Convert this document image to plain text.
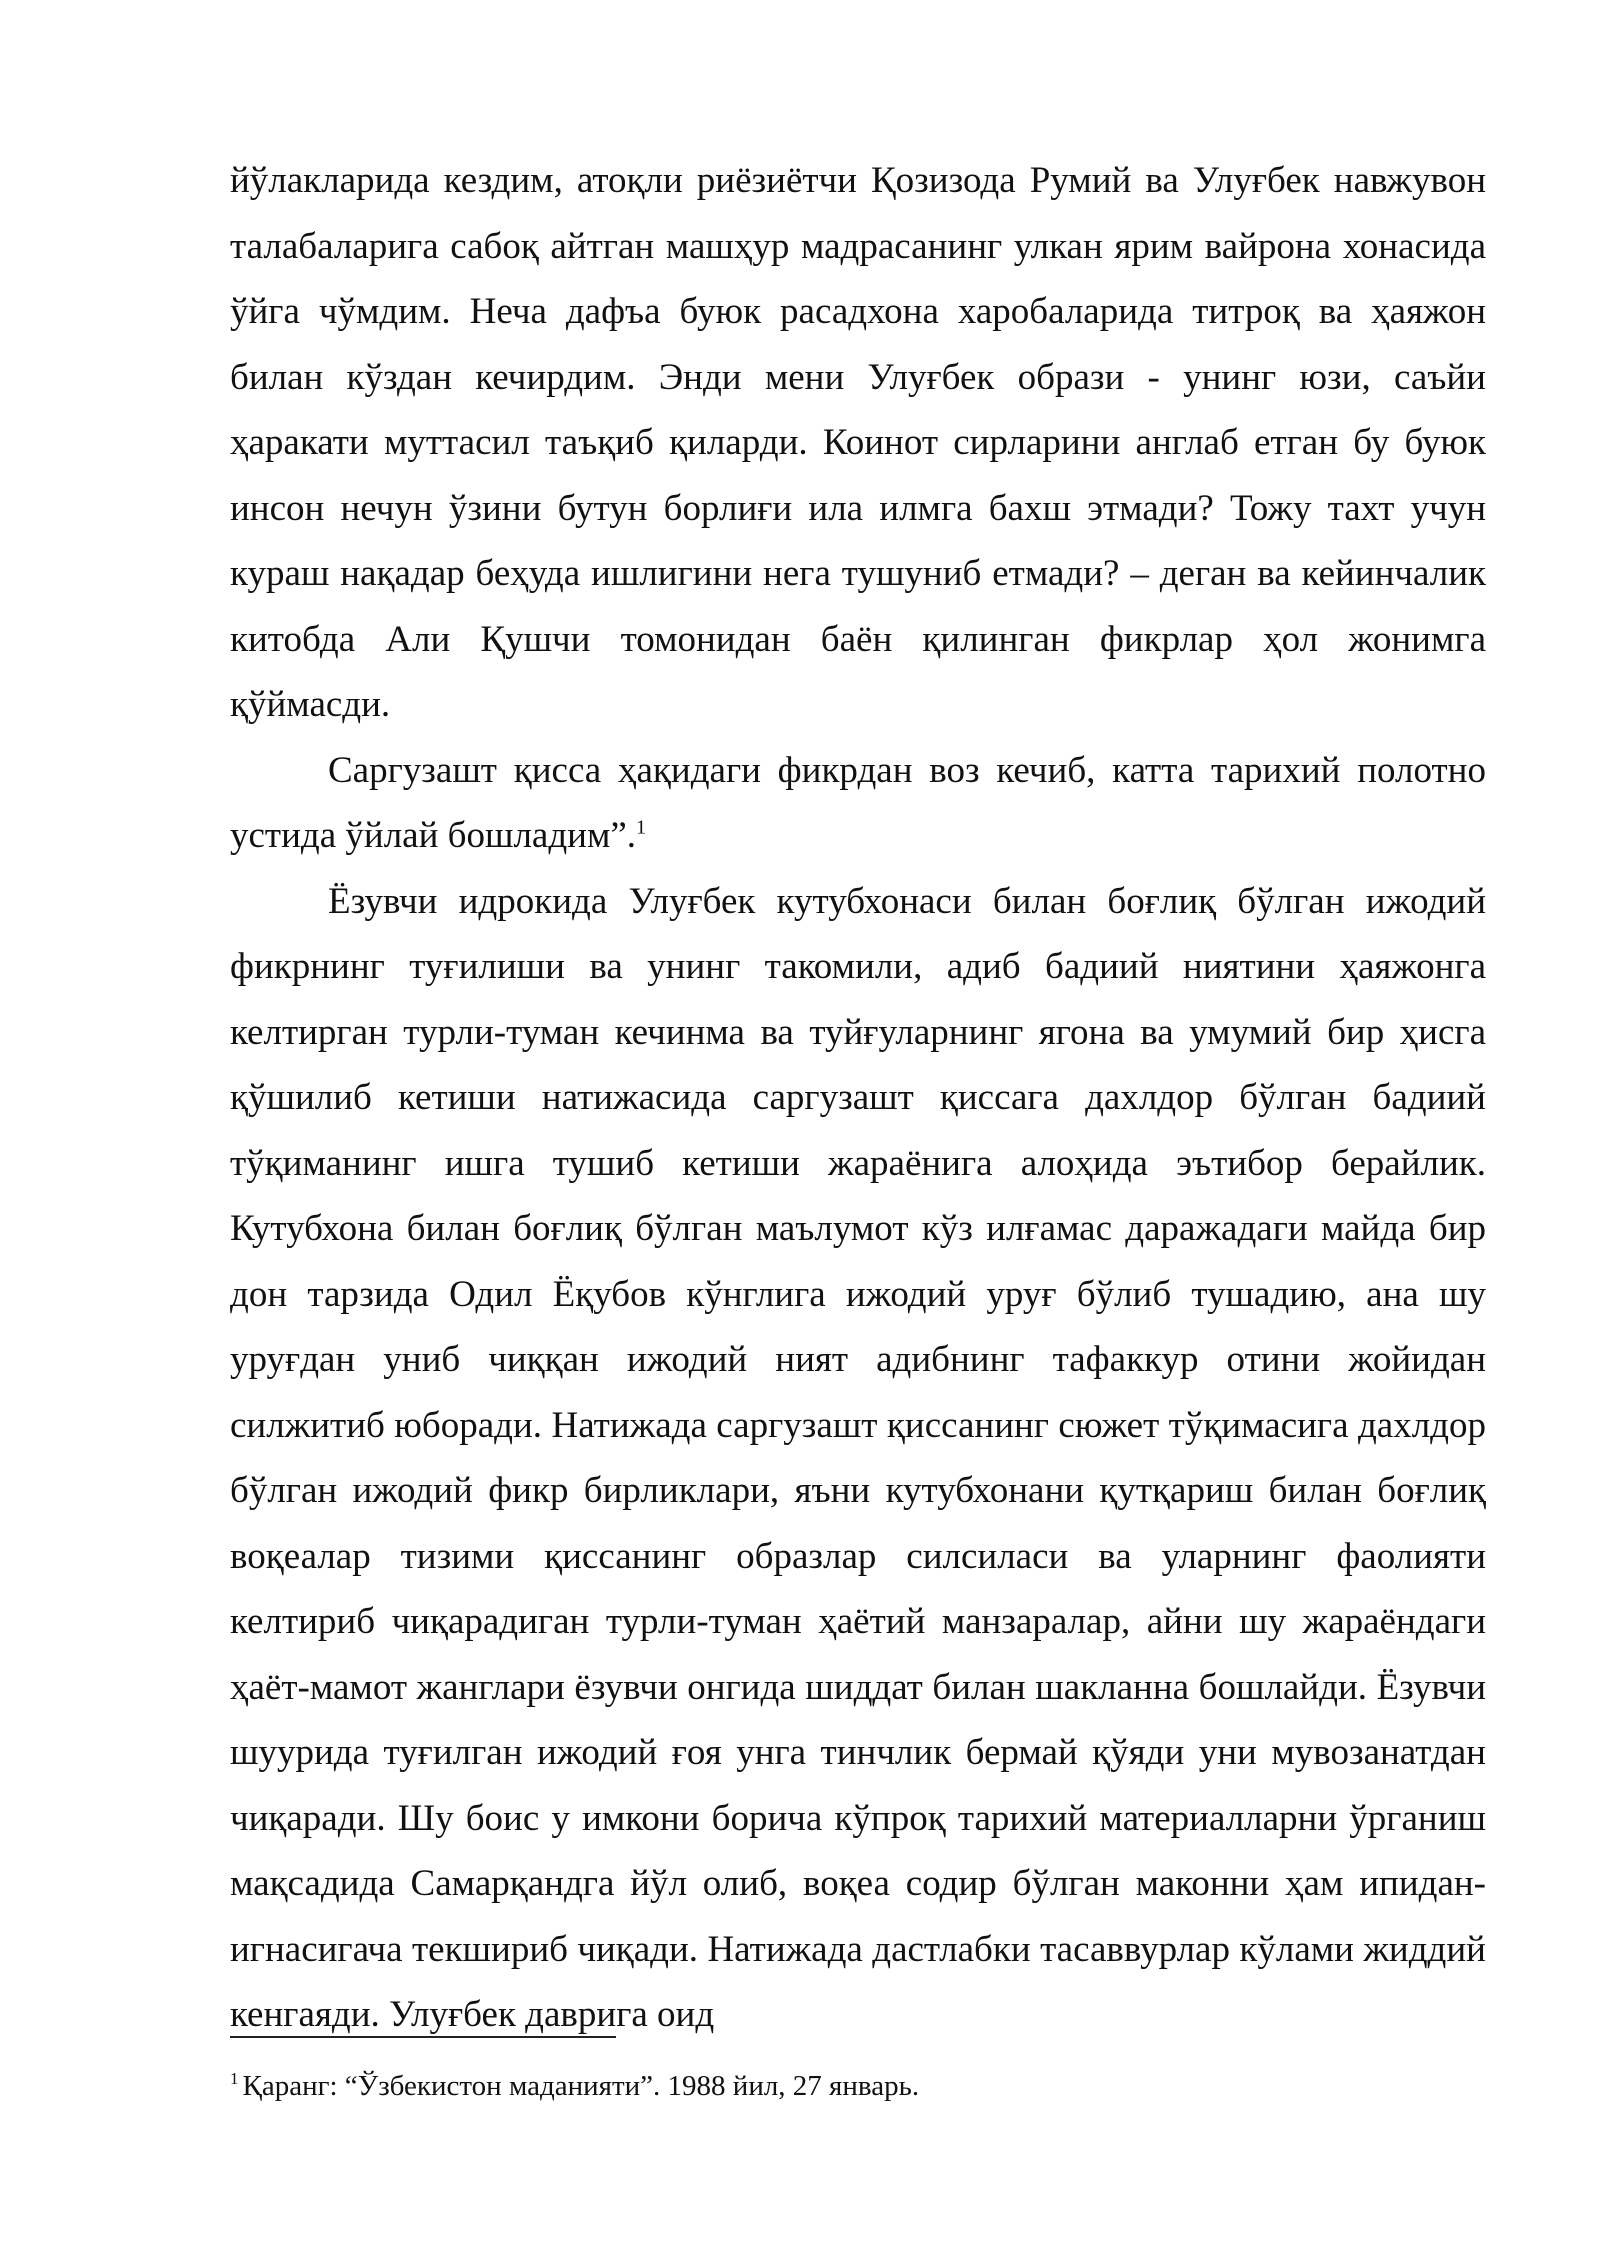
йўлакларида кездим, атоқли риёзиётчи Қозизода Румий ва Улуғбек навжувон талабаларига сабоқ айтган машҳур мадрасанинг улкан ярим вайрона хонасида ўйга чўмдим. Неча дафъа буюк расадхона харобаларида титроқ ва ҳаяжон билан кўздан кечирдим. Энди мени Улуғбек образи - унинг юзи, саъйи ҳаракати муттасил таъқиб қиларди. Коинот сирларини англаб етган бу буюк инсон нечун ўзини бутун борлиғи ила илмга бахш этмади? Тожу тахт учун кураш нақадар беҳуда ишлигини нега тушуниб етмади? – деган ва кейинчалик китобда Али Қушчи томонидан баён қилинган фикрлар ҳол жонимга қўймасди.

Саргузашт қисса ҳақидаги фикрдан воз кечиб, катта тарихий полотно устида ўйлай бошладим”.$^1$

Ёзувчи идрокида Улуғбек кутубхонаси билан боғлиқ бўлган ижодий фикрнинг туғилиши ва унинг такомили, адиб бадиий ниятини ҳаяжонга келтирган турли-туман кечинма ва туйғуларнинг ягона ва умумий бир ҳисга қўшилиб кетиши натижасида саргузашт қиссага дахлдор бўлган бадиий тўқиманинг ишга тушиб кетиши жараёнига алоҳида эътибор берайлик. Кутубхона билан боғлиқ бўлган маълумот кўз илғамас даражадаги майда бир дон тарзида Одил Ёқубов кўнглига ижодий уруғ бўлиб тушадию, ана шу уруғдан униб чиққан ижодий ният адибнинг тафаккур отини жойидан силжитиб юборади. Натижада саргузашт қиссанинг сюжет тўқимасига дахлдор бўлган ижодий фикр бирликлари, яъни кутубхонани қутқариш билан боғлиқ воқеалар тизими қиссанинг образлар силсиласи ва уларнинг фаолияти келтириб чиқарадиган турли-туман ҳаётий манзаралар, айни шу жараёндаги ҳаёт-мамот жанглари ёзувчи онгида шиддат билан шакланна бошлайди. Ёзувчи шуурида туғилган ижодий ғоя унга тинчлик бермай қўяди уни мувозанатдан чиқаради. Шу боис у имкони борича кўпроқ тарихий материалларни ўрганиш мақсадида Самарқандга йўл олиб, воқеа содир бўлган маконни ҳам ипидан-игнасигача текшириб чиқади. Натижада дастлабки тасаввурлар кўлами жиддий кенгаяди. Улуғбек даврига оид

$^1$ Қаранг: “Ўзбекистон маданияти”. 1988 йил, 27 январь.
